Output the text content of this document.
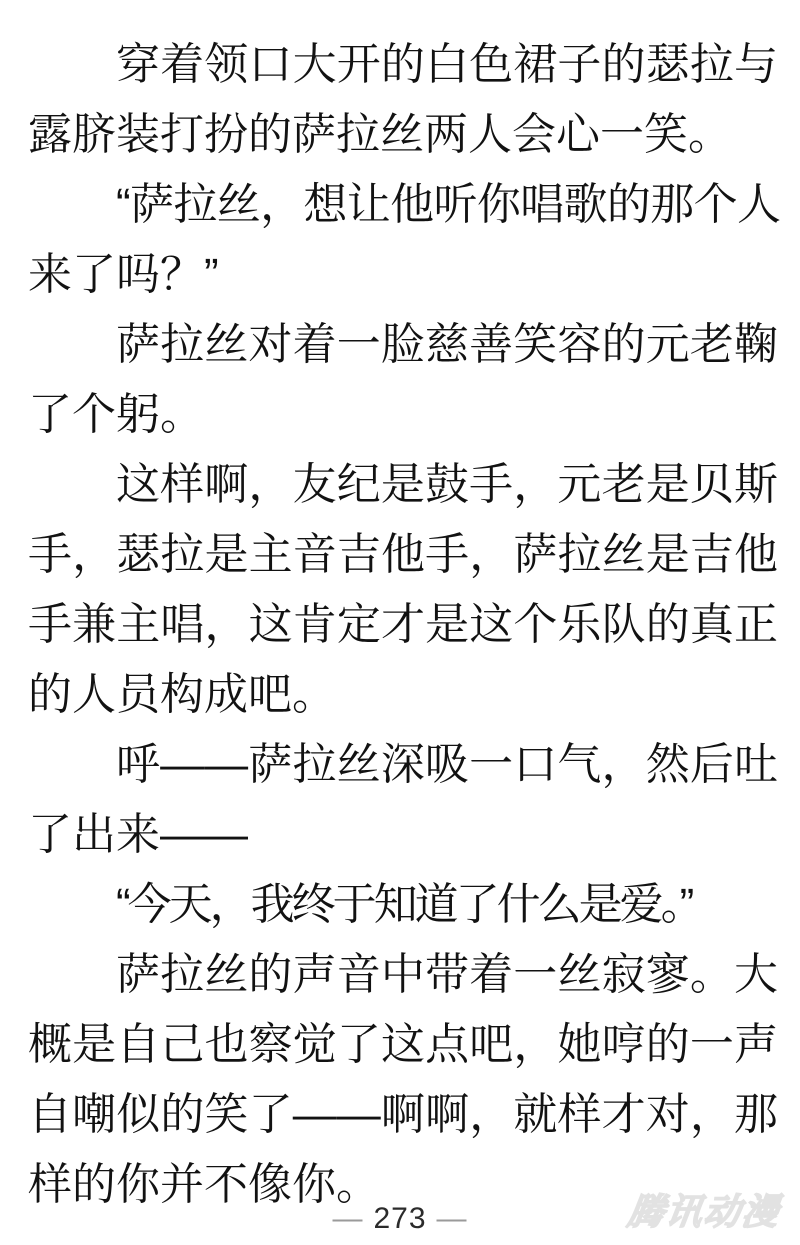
穿着领口大开的白色裙子的瑟拉与
露脐装打扮的萨拉丝两人会心一笑。
“萨拉丝，想让他听你唱歌的那个人
来了吗？”
萨拉丝对着一脸慈善笑容的元老鞠
了个躬。
这样啊，友纪是鼓手，元老是贝斯
手，瑟拉是主音吉他手，萨拉丝是吉他
手兼主唱，这肯定才是这个乐队的真正
的人员构成吧。
呼——萨拉丝深吸一口气，然后吐
了出来——
“今天，我终于知道了什么是爱。”
萨拉丝的声音中带着一丝寂寥。大
概是自己也察觉了这点吧，她哼的一声
自嘲似的笑了——啊啊，就样才对，那
样的你并不像你。
— 273 —	腾讯动漫
